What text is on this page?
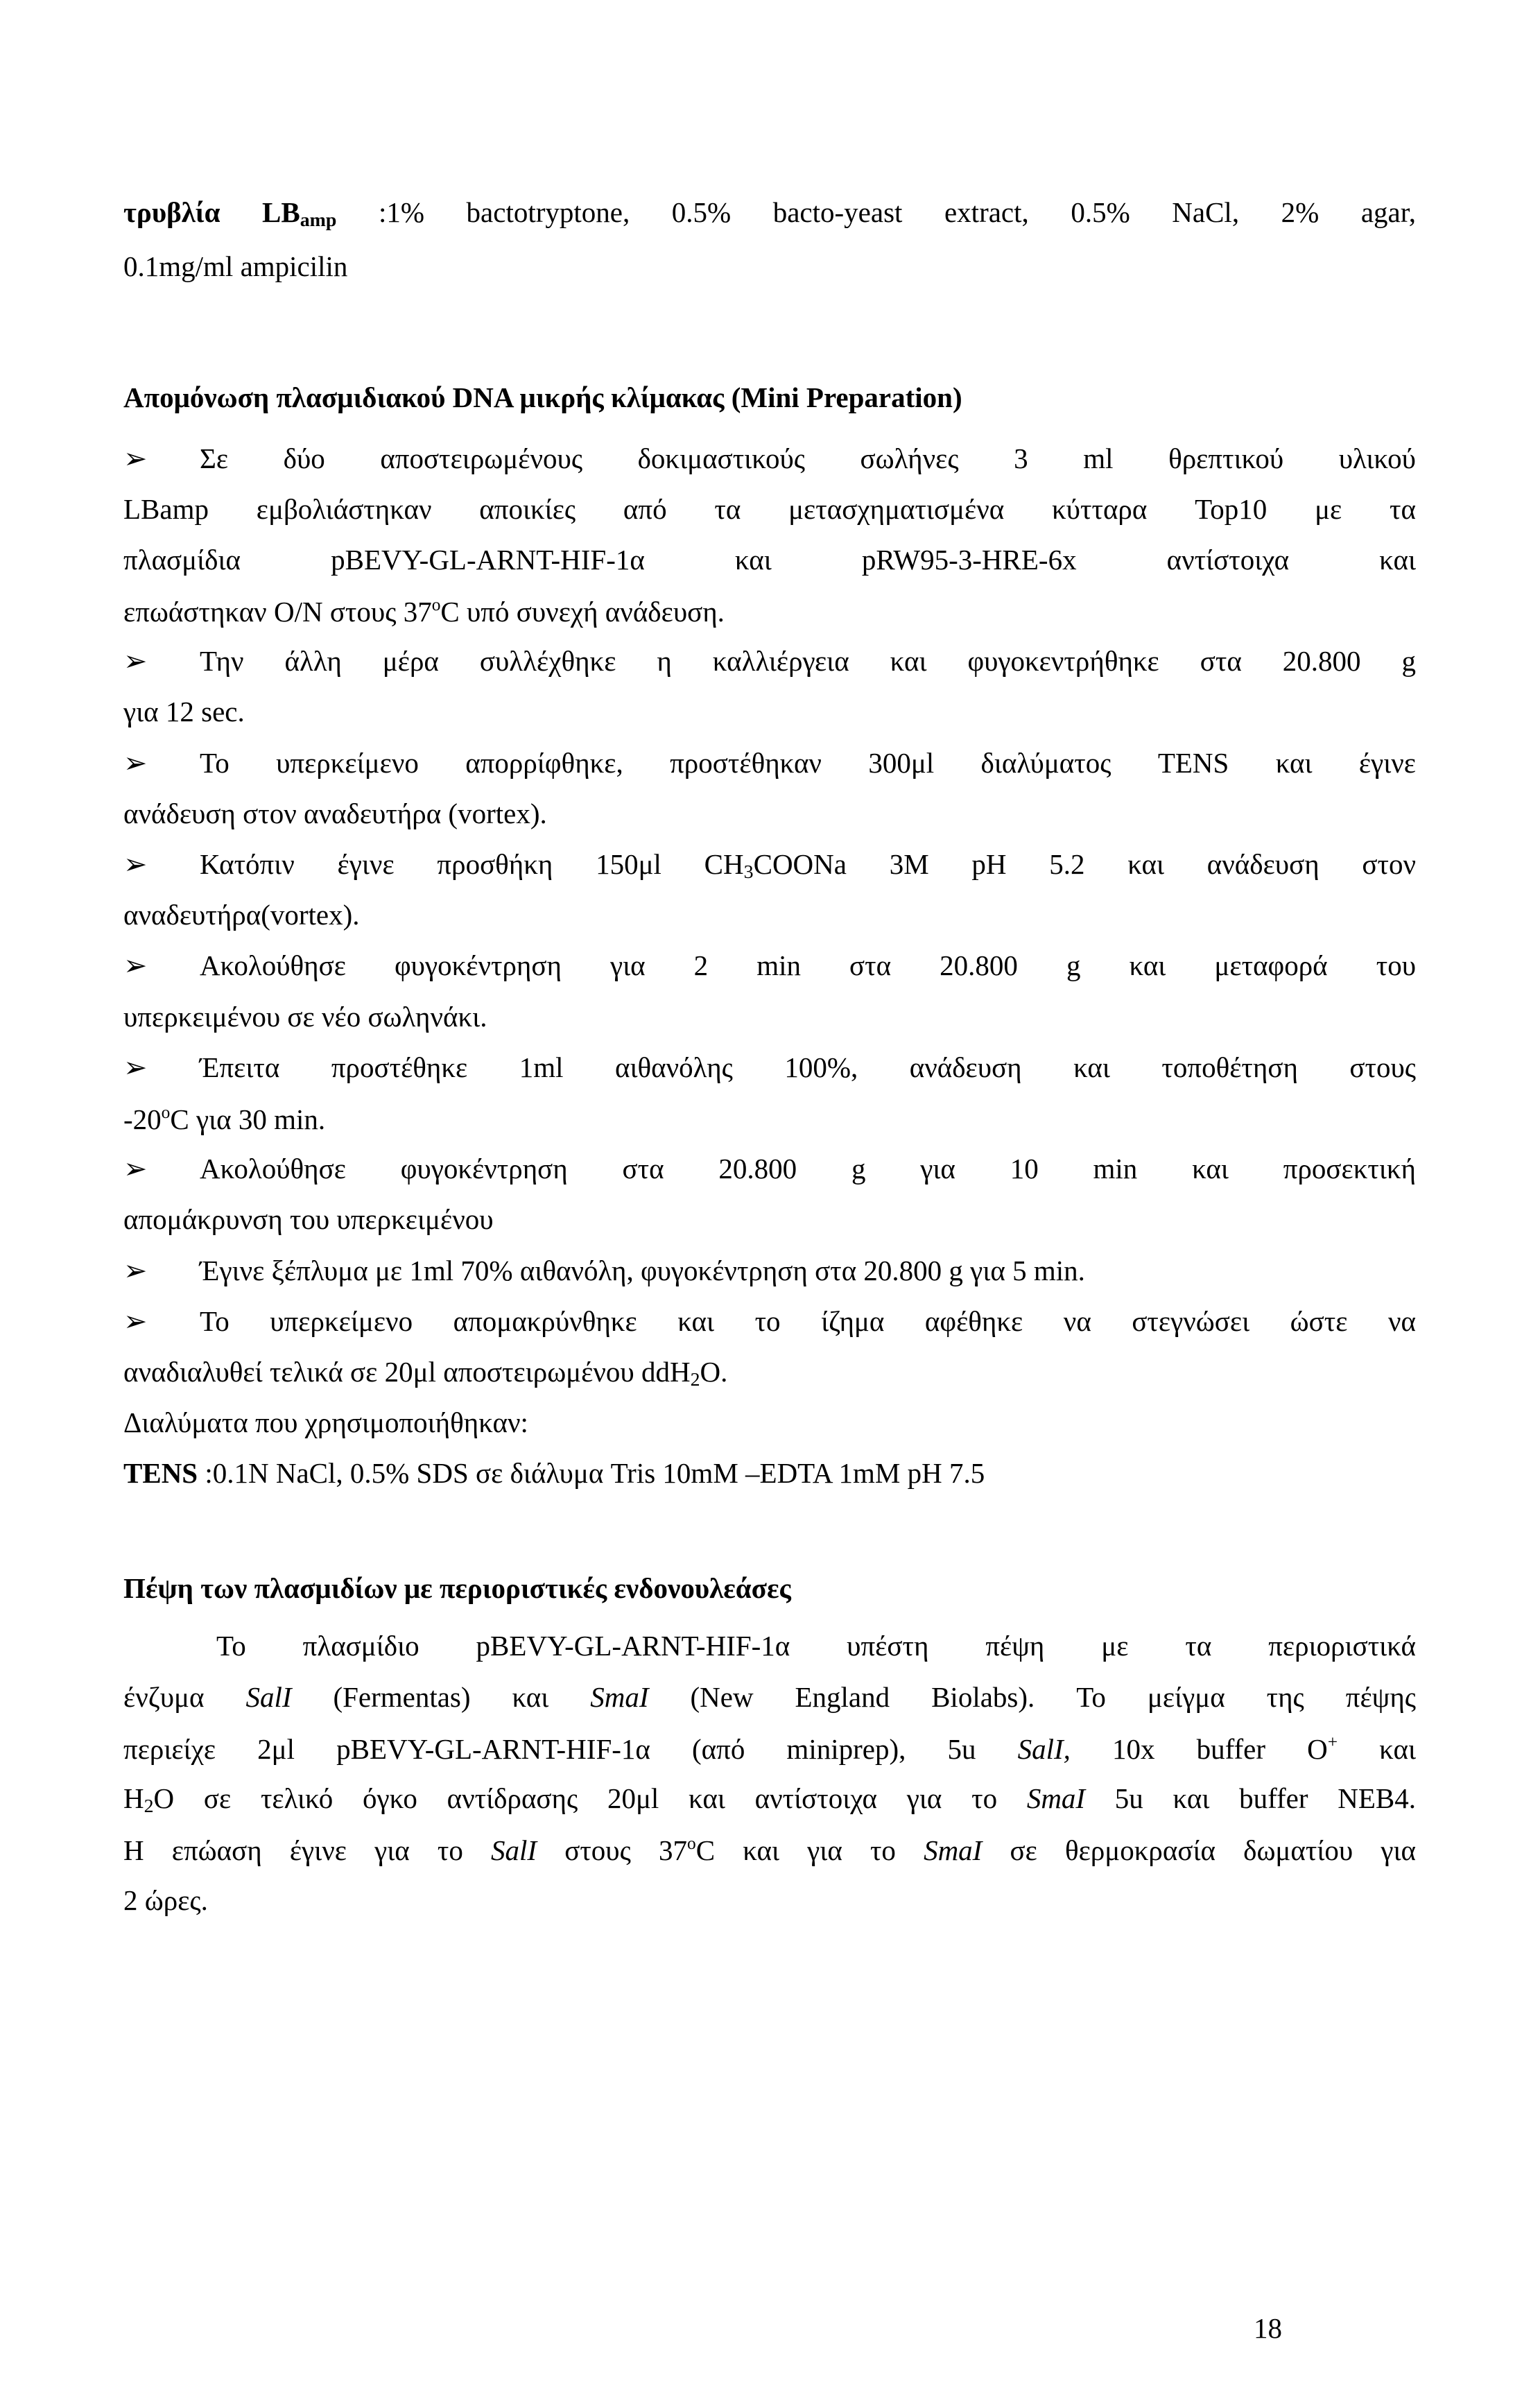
τρυβλία LBamp :1% bactotryptone, 0.5% bacto-yeast extract, 0.5% NaCl, 2% agar,
0.1mg/ml ampicilin
Απομόνωση πλασμιδιακού DNA μικρής κλίμακας (Mini Preparation)
➢ Σε δύο αποστειρωμένους δοκιμαστικούς σωλήνες 3 ml θρεπτικού υλικού
LBamp εμβολιάστηκαν αποικίες από τα μετασχηματισμένα κύτταρα Top10 με τα
πλασμίδια pBEVY-GL-ARNT-HIF-1α και pRW95-3-HRE-6x αντίστοιχα και
επωάστηκαν O/N στους 37$^o$C υπό συνεχή ανάδευση.
➢ Την άλλη μέρα συλλέχθηκε η καλλιέργεια και φυγοκεντρήθηκε στα 20.800 g
για 12 sec.
➢ Το υπερκείμενο απορρίφθηκε, προστέθηκαν 300μl διαλύματος TENS και έγινε
ανάδευση στον αναδευτήρα (vortex).
➢ Κατόπιν έγινε προσθήκη 150μl $CH_3COONa$ 3M pH 5.2 και ανάδευση στον
αναδευτήρα(vortex).
➢ Ακολούθησε φυγοκέντρηση για 2 min στα 20.800 g και μεταφορά του
υπερκειμένου σε νέο σωληνάκι.
➢ Έπειτα προστέθηκε 1ml αιθανόλης 100%, ανάδευση και τοποθέτηση στους
-20$^o$C για 30 min.
➢ Ακολούθησε φυγοκέντρηση στα 20.800 g για 10 min και προσεκτική
απομάκρυνση του υπερκειμένου
➢ Έγινε ξέπλυμα με 1ml 70% αιθανόλη, φυγοκέντρηση στα 20.800 g για 5 min.
➢ Το υπερκείμενο απομακρύνθηκε και το ίζημα αφέθηκε να στεγνώσει ώστε να
αναδιαλυθεί τελικά σε 20μl αποστειρωμένου ddH$_2$O.
Διαλύματα που χρησιμοποιήθηκαν:
TENS :0.1N NaCl, 0.5% SDS σε διάλυμα Tris 10mM –EDTA 1mM pH 7.5
Πέψη των πλασμιδίων με περιοριστικές ενδονουλεάσες
Το πλασμίδιο pBEVY-GL-ARNT-HIF-1α υπέστη πέψη με τα περιοριστικά
ένζυμα SalI (Fermentas) και SmaI (New England Biolabs). Το μείγμα της πέψης
περιείχε 2μl pBEVY-GL-ARNT-HIF-1α (από miniprep), 5u SalI, 10x buffer O+ και
$H_2O$ σε τελικό όγκο αντίδρασης 20μl και αντίστοιχα για το SmaI 5u και buffer NEB4.
Η επώαση έγινε για το SalI στους 37$^o$C και για το SmaI σε θερμοκρασία δωματίου για
2 ώρες.
18
